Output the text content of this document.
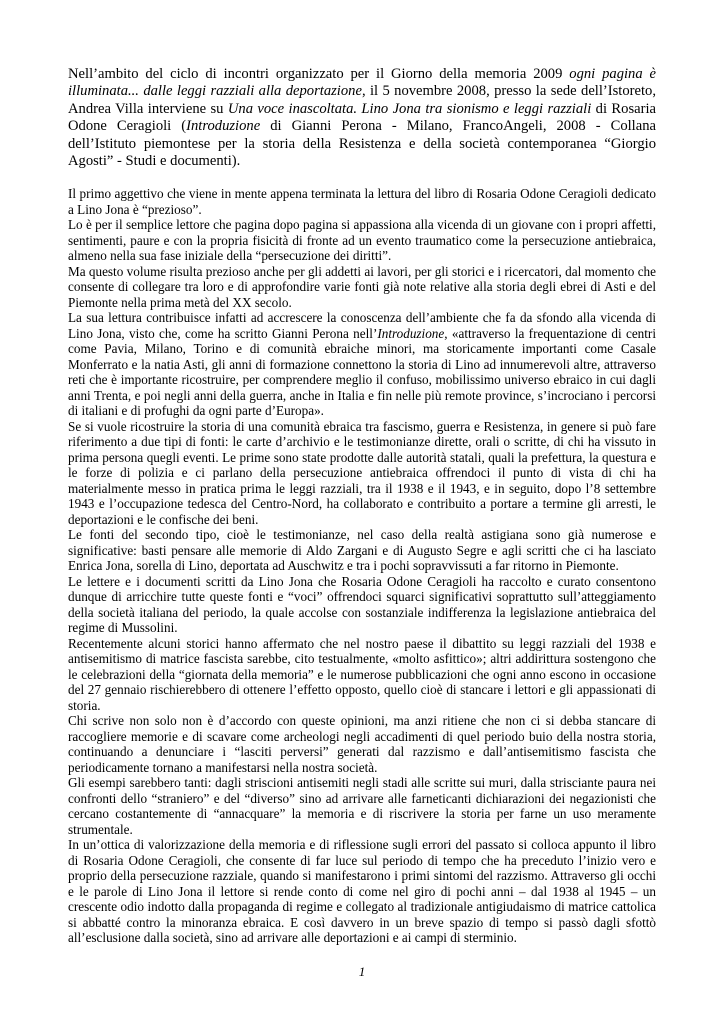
Nell’ambito del ciclo di incontri organizzato per il Giorno della memoria 2009 ogni pagina è illuminata... dalle leggi razziali alla deportazione, il 5 novembre 2008, presso la sede dell’Istoreto, Andrea Villa interviene su Una voce inascoltata. Lino Jona tra sionismo e leggi razziali di Rosaria Odone Ceragioli (Introduzione di Gianni Perona - Milano, FrancoAngeli, 2008 - Collana dell’Istituto piemontese per la storia della Resistenza e della società contemporanea “Giorgio Agosti” - Studi e documenti).

Il primo aggettivo che viene in mente appena terminata la lettura del libro di Rosaria Odone Ceragioli dedicato a Lino Jona è “prezioso”.

Lo è per il semplice lettore che pagina dopo pagina si appassiona alla vicenda di un giovane con i propri affetti, sentimenti, paure e con la propria fisicità di fronte ad un evento traumatico come la persecuzione antiebraica, almeno nella sua fase iniziale della “persecuzione dei diritti”.

Ma questo volume risulta prezioso anche per gli addetti ai lavori, per gli storici e i ricercatori, dal momento che consente di collegare tra loro e di approfondire varie fonti già note relative alla storia degli ebrei di Asti e del Piemonte nella prima metà del XX secolo.

La sua lettura contribuisce infatti ad accrescere la conoscenza dell’ambiente che fa da sfondo alla vicenda di Lino Jona, visto che, come ha scritto Gianni Perona nell’Introduzione, «attraverso la frequentazione di centri come Pavia, Milano, Torino e di comunità ebraiche minori, ma storicamente importanti come Casale Monferrato e la natia Asti, gli anni di formazione connettono la storia di Lino ad innumerevoli altre, attraverso reti che è importante ricostruire, per comprendere meglio il confuso, mobilissimo universo ebraico in cui dagli anni Trenta, e poi negli anni della guerra, anche in Italia e fin nelle più remote province, s’incrociano i percorsi di italiani e di profughi da ogni parte d’Europa».

Se si vuole ricostruire la storia di una comunità ebraica tra fascismo, guerra e Resistenza, in genere si può fare riferimento a due tipi di fonti: le carte d’archivio e le testimonianze dirette, orali o scritte, di chi ha vissuto in prima persona quegli eventi. Le prime sono state prodotte dalle autorità statali, quali la prefettura, la questura e le forze di polizia e ci parlano della persecuzione antiebraica offrendoci il punto di vista di chi ha materialmente messo in pratica prima le leggi razziali, tra il 1938 e il 1943, e in seguito, dopo l’8 settembre 1943 e l’occupazione tedesca del Centro-Nord, ha collaborato e contribuito a portare a termine gli arresti, le deportazioni e le confische dei beni.

Le fonti del secondo tipo, cioè le testimonianze, nel caso della realtà astigiana sono già numerose e significative: basti pensare alle memorie di Aldo Zargani e di Augusto Segre e agli scritti che ci ha lasciato Enrica Jona, sorella di Lino, deportata ad Auschwitz e tra i pochi sopravvissuti a far ritorno in Piemonte.

Le lettere e i documenti scritti da Lino Jona che Rosaria Odone Ceragioli ha raccolto e curato consentono dunque di arricchire tutte queste fonti e “voci” offrendoci squarci significativi soprattutto sull’atteggiamento della società italiana del periodo, la quale accolse con sostanziale indifferenza la legislazione antiebraica del regime di Mussolini.

Recentemente alcuni storici hanno affermato che nel nostro paese il dibattito su leggi razziali del 1938 e antisemitismo di matrice fascista sarebbe, cito testualmente, «molto asfittico»; altri addirittura sostengono che le celebrazioni della “giornata della memoria” e le numerose pubblicazioni che ogni anno escono in occasione del 27 gennaio rischierebbero di ottenere l’effetto opposto, quello cioè di stancare i lettori e gli appassionati di storia.

Chi scrive non solo non è d’accordo con queste opinioni, ma anzi ritiene che non ci si debba stancare di raccogliere memorie e di scavare come archeologi negli accadimenti di quel periodo buio della nostra storia, continuando a denunciare i “lasciti perversi” generati dal razzismo e dall’antisemitismo fascista che periodicamente tornano a manifestarsi nella nostra società.

Gli esempi sarebbero tanti: dagli striscioni antisemiti negli stadi alle scritte sui muri, dalla strisciante paura nei confronti dello “straniero” e del “diverso” sino ad arrivare alle farneticanti dichiarazioni dei negazionisti che cercano costantemente di “annacquare” la memoria e di riscrivere la storia per farne un uso meramente strumentale.

In un’ottica di valorizzazione della memoria e di riflessione sugli errori del passato si colloca appunto il libro di Rosaria Odone Ceragioli, che consente di far luce sul periodo di tempo che ha preceduto l’inizio vero e proprio della persecuzione razziale, quando si manifestarono i primi sintomi del razzismo. Attraverso gli occhi e le parole di Lino Jona il lettore si rende conto di come nel giro di pochi anni – dal 1938 al 1945 – un crescente odio indotto dalla propaganda di regime e collegato al tradizionale antigiudaismo di matrice cattolica si abbatté contro la minoranza ebraica. E così davvero in un breve spazio di tempo si passò dagli sfottò all’esclusione dalla società, sino ad arrivare alle deportazioni e ai campi di sterminio.

1
